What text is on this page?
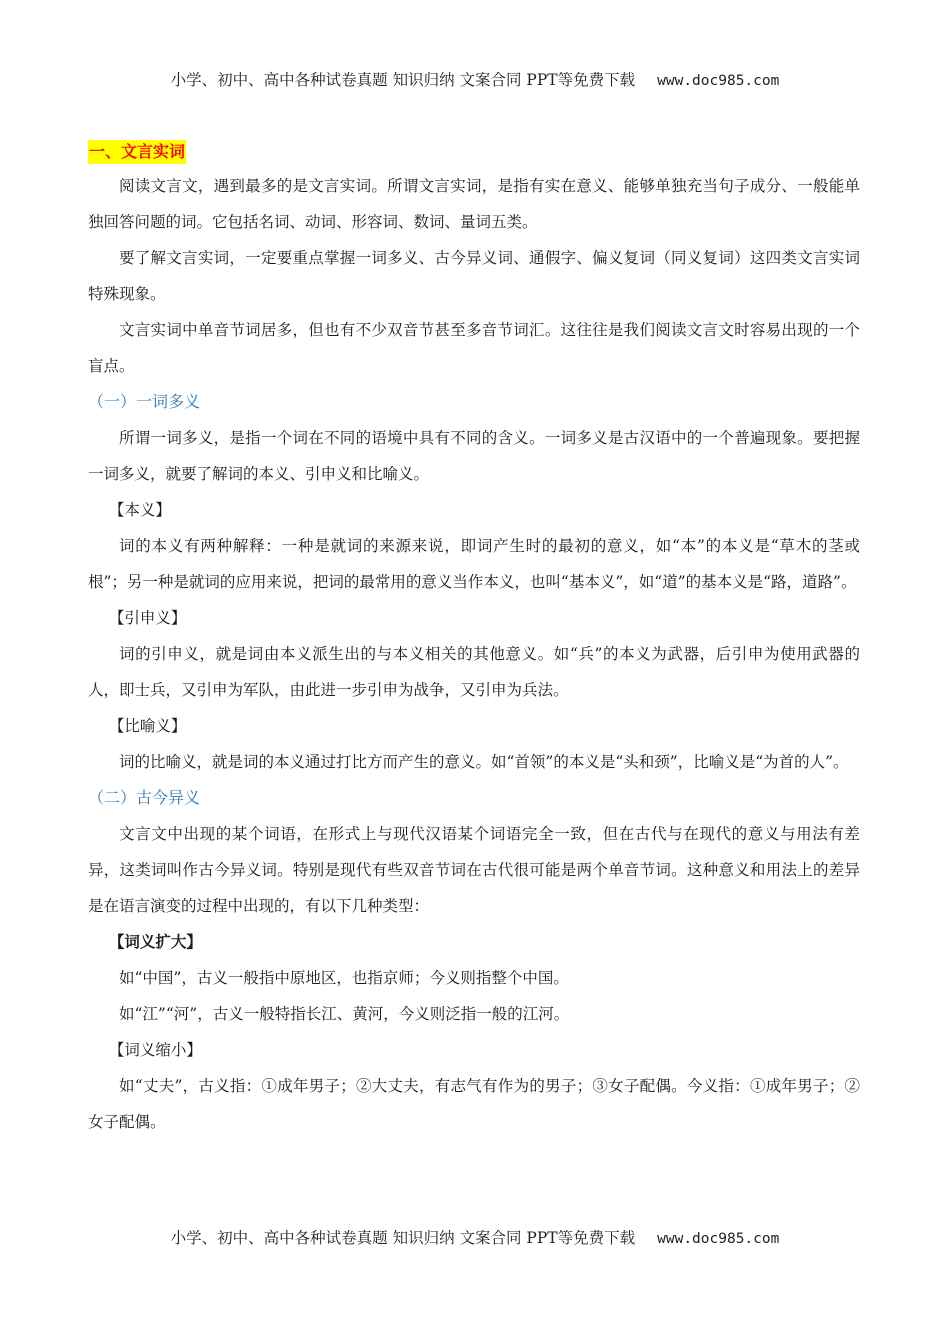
小学、初中、高中各种试卷真题 知识归纳 文案合同 PPT等免费下载 www.doc985.com
一、文言实词

阅读文言文，遇到最多的是文言实词。所谓文言实词，是指有实在意义、能够单独充当句子成分、一般能单独回答问题的词。它包括名词、动词、形容词、数词、量词五类。

要了解文言实词，一定要重点掌握一词多义、古今异义词、通假字、偏义复词（同义复词）这四类文言实词特殊现象。

文言实词中单音节词居多，但也有不少双音节甚至多音节词汇。这往往是我们阅读文言文时容易出现的一个盲点。

（一）一词多义

所谓一词多义，是指一个词在不同的语境中具有不同的含义。一词多义是古汉语中的一个普遍现象。要把握一词多义，就要了解词的本义、引申义和比喻义。

【本义】

词的本义有两种解释：一种是就词的来源来说，即词产生时的最初的意义，如“本”的本义是“草木的茎或根”；另一种是就词的应用来说，把词的最常用的意义当作本义，也叫“基本义”，如“道”的基本义是“路，道路”。

【引申义】

词的引申义，就是词由本义派生出的与本义相关的其他意义。如“兵”的本义为武器，后引申为使用武器的人，即士兵，又引申为军队，由此进一步引申为战争，又引申为兵法。

【比喻义】

词的比喻义，就是词的本义通过打比方而产生的意义。如“首领”的本义是“头和颈”，比喻义是“为首的人”。

（二）古今异义

文言文中出现的某个词语，在形式上与现代汉语某个词语完全一致，但在古代与在现代的意义与用法有差异，这类词叫作古今异义词。特别是现代有些双音节词在古代很可能是两个单音节词。这种意义和用法上的差异是在语言演变的过程中出现的，有以下几种类型：

【词义扩大】

如“中国”，古义一般指中原地区，也指京师；今义则指整个中国。

如“江”“河”，古义一般特指长江、黄河，今义则泛指一般的江河。

【词义缩小】

如“丈夫”，古义指：①成年男子；②大丈夫，有志气有作为的男子；③女子配偶。今义指：①成年男子；②女子配偶。

小学、初中、高中各种试卷真题 知识归纳 文案合同 PPT等免费下载 www.doc985.com
